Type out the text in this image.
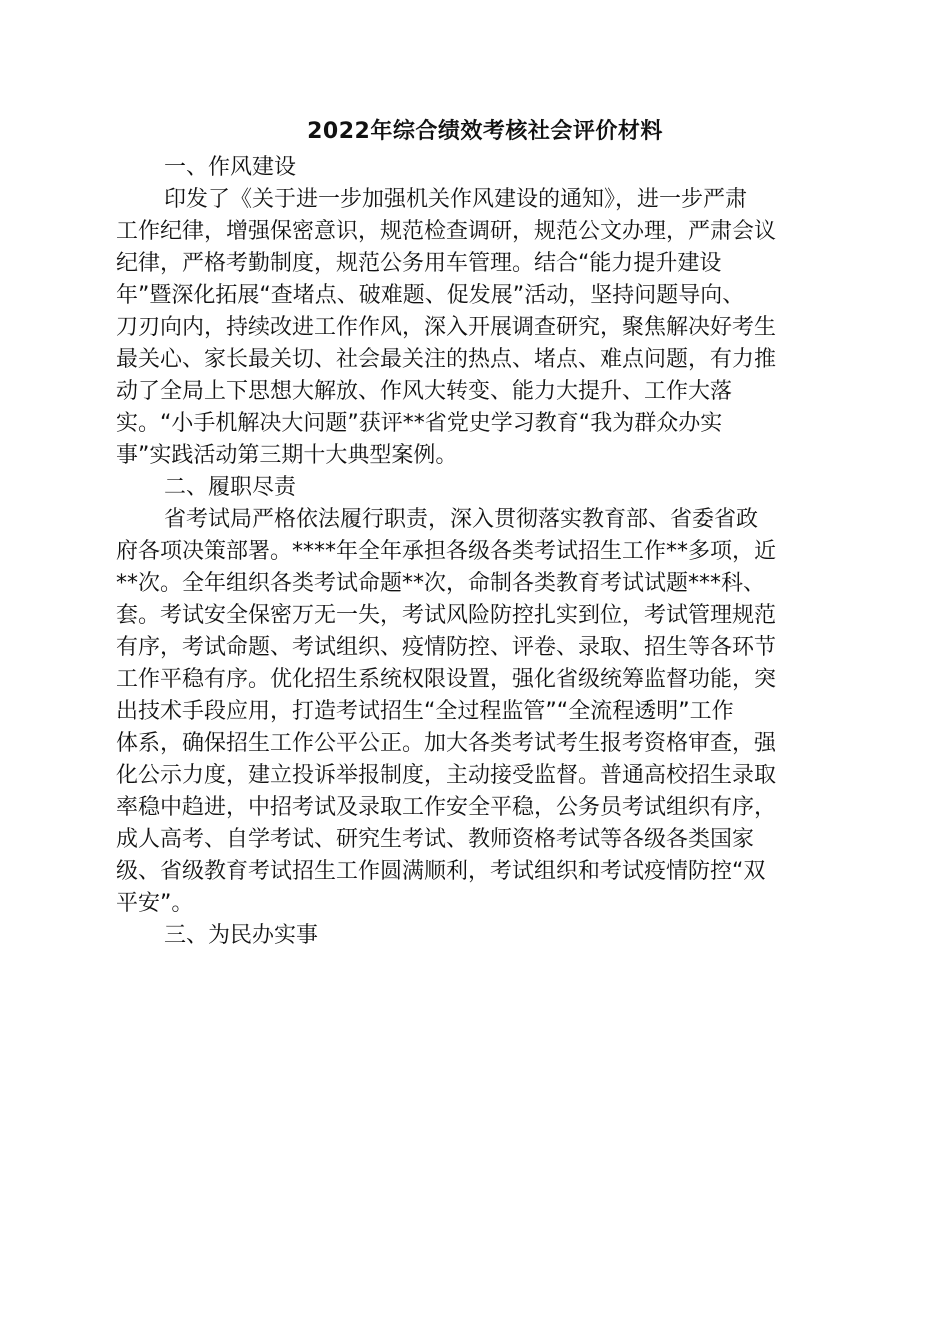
2022年综合绩效考核社会评价材料

一、作风建设

印发了《关于进一步加强机关作风建设的通知》，进一步严肃
工作纪律，增强保密意识，规范检查调研，规范公文办理，严肃会议
纪律，严格考勤制度，规范公务用车管理。结合“能力提升建设
年”暨深化拓展“查堵点、破难题、促发展”活动，坚持问题导向、
刀刃向内，持续改进工作作风，深入开展调查研究，聚焦解决好考生
最关心、家长最关切、社会最关注的热点、堵点、难点问题，有力推
动了全局上下思想大解放、作风大转变、能力大提升、工作大落
实。“小手机解决大问题”获评**省党史学习教育“我为群众办实
事”实践活动第三期十大典型案例。

二、履职尽责

省考试局严格依法履行职责，深入贯彻落实教育部、省委省政
府各项决策部署。****年全年承担各级各类考试招生工作**多项，近
**次。全年组织各类考试命题**次，命制各类教育考试试题***科、
套。考试安全保密万无一失，考试风险防控扎实到位，考试管理规范
有序，考试命题、考试组织、疫情防控、评卷、录取、招生等各环节
工作平稳有序。优化招生系统权限设置，强化省级统筹监督功能，突
出技术手段应用，打造考试招生“全过程监管”“全流程透明”工作
体系，确保招生工作公平公正。加大各类考试考生报考资格审查，强
化公示力度，建立投诉举报制度，主动接受监督。普通高校招生录取
率稳中趋进，中招考试及录取工作安全平稳，公务员考试组织有序，
成人高考、自学考试、研究生考试、教师资格考试等各级各类国家
级、省级教育考试招生工作圆满顺利，考试组织和考试疫情防控“双
平安”。

三、为民办实事
